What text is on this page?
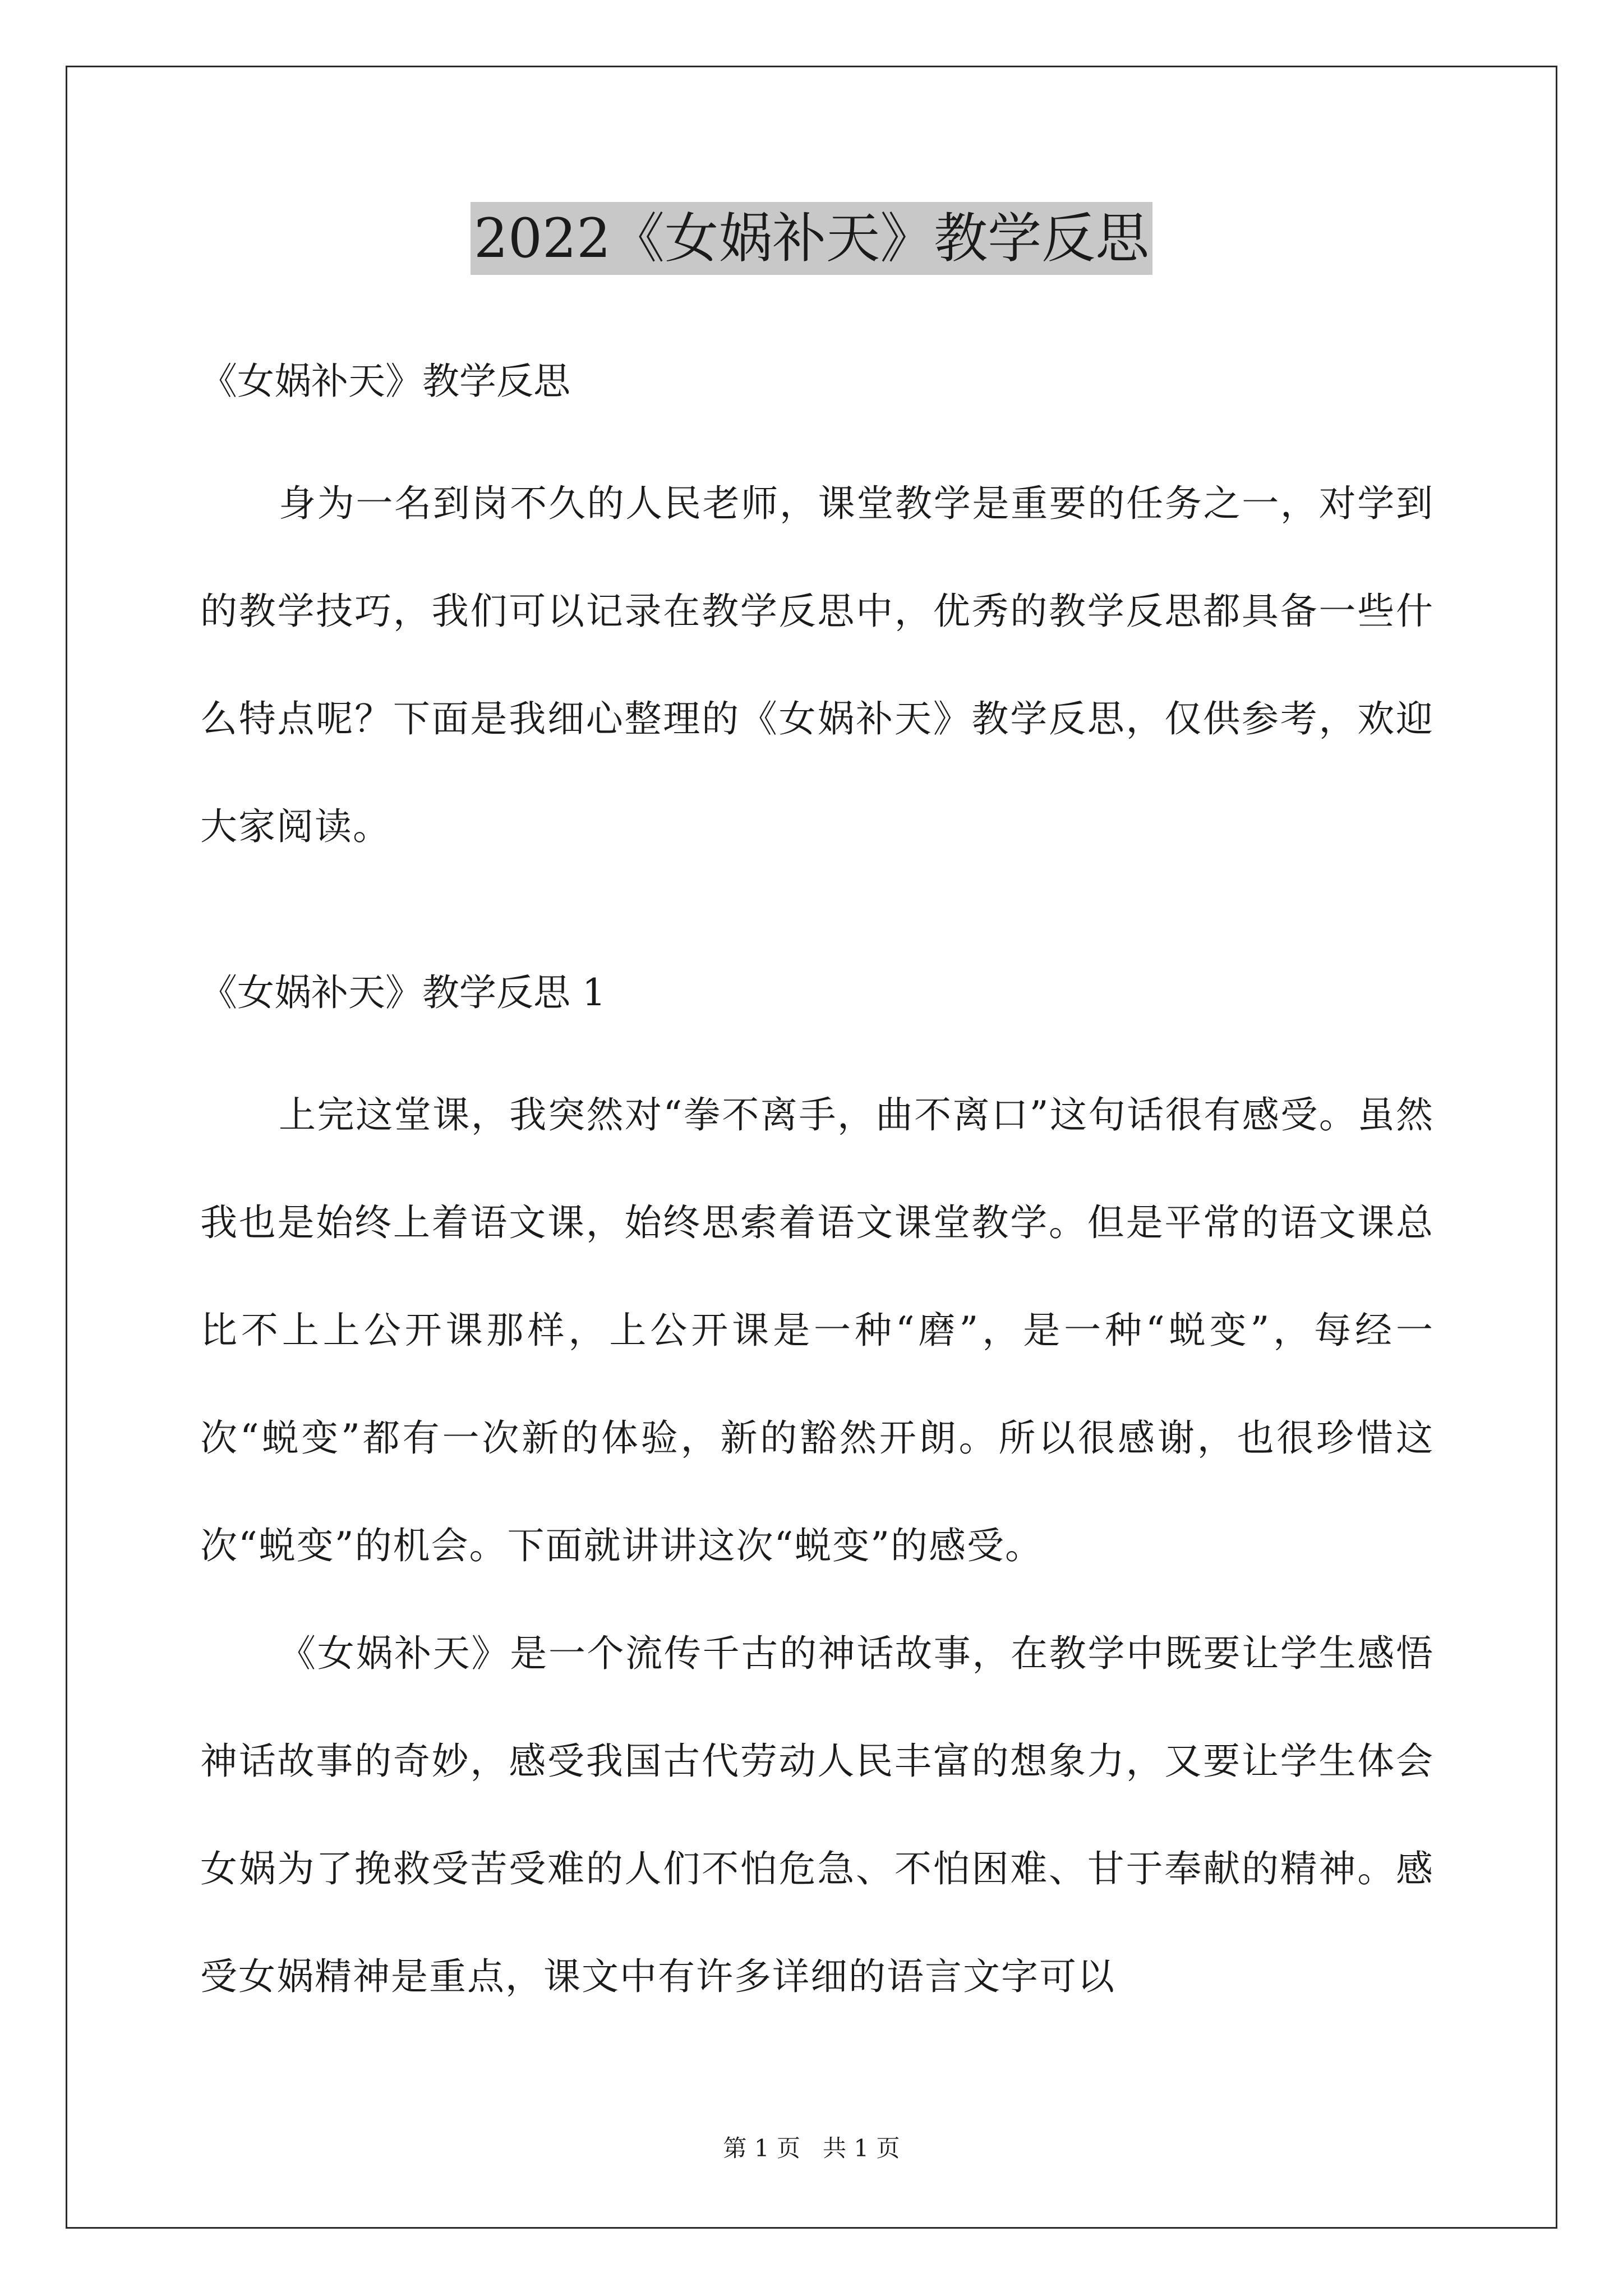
2022《女娲补天》教学反思

《女娲补天》教学反思

身为一名到岗不久的人民老师，课堂教学是重要的任务之一，对学到的教学技巧，我们可以记录在教学反思中，优秀的教学反思都具备一些什么特点呢？下面是我细心整理的《女娲补天》教学反思，仅供参考，欢迎大家阅读。

《女娲补天》教学反思 1

上完这堂课，我突然对“拳不离手，曲不离口”这句话很有感受。虽然我也是始终上着语文课，始终思索着语文课堂教学。但是平常的语文课总比不上上公开课那样，上公开课是一种“磨”，是一种“蜕变”，每经一次“蜕变”都有一次新的体验，新的豁然开朗。所以很感谢，也很珍惜这次“蜕变”的机会。下面就讲讲这次“蜕变”的感受。

《女娲补天》是一个流传千古的神话故事，在教学中既要让学生感悟神话故事的奇妙，感受我国古代劳动人民丰富的想象力，又要让学生体会女娲为了挽救受苦受难的人们不怕危急、不怕困难、甘于奉献的精神。感受女娲精神是重点，课文中有许多详细的语言文字可以

第 1 页   共 1 页
